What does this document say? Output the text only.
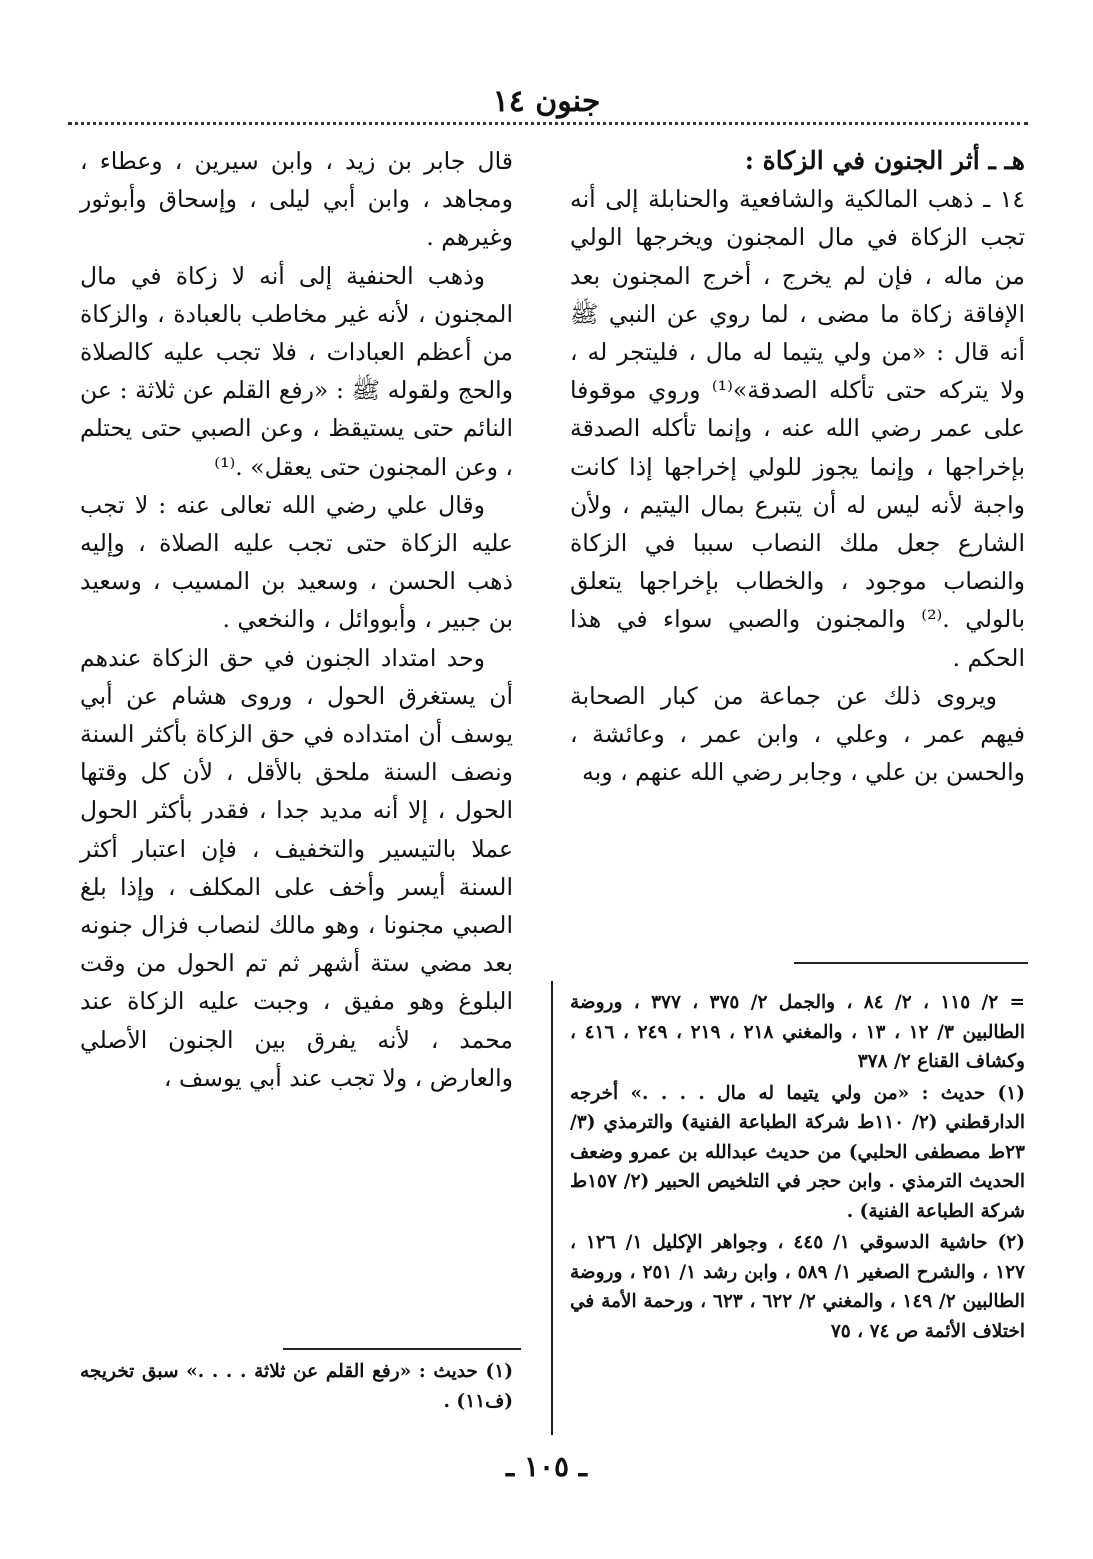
جنون ١٤

هـ ـ أثر الجنون في الزكاة :

١٤ ـ ذهب المالكية والشافعية والحنابلة إلى أنه تجب الزكاة في مال المجنون ويخرجها الولي من ماله ، فإن لم يخرج ، أخرج المجنون بعد الإفاقة زكاة ما مضى ، لما روي عن النبي ﷺ أنه قال : «من ولي يتيما له مال ، فليتجر له ، ولا يتركه حتى تأكله الصدقة»⁽¹⁾ وروي موقوفا على عمر رضي الله عنه ، وإنما تأكله الصدقة بإخراجها ، وإنما يجوز للولي إخراجها إذا كانت واجبة لأنه ليس له أن يتبرع بمال اليتيم ، ولأن الشارع جعل ملك النصاب سببا في الزكاة والنصاب موجود ، والخطاب بإخراجها يتعلق بالولي .⁽²⁾ والمجنون والصبي سواء في هذا الحكم .

ويروى ذلك عن جماعة من كبار الصحابة فيهم عمر ، وعلي ، وابن عمر ، وعائشة ، والحسن بن علي ، وجابر رضي الله عنهم ، وبه

قال جابر بن زيد ، وابن سيرين ، وعطاء ، ومجاهد ، وابن أبي ليلى ، وإسحاق وأبوثور وغيرهم .

وذهب الحنفية إلى أنه لا زكاة في مال المجنون ، لأنه غير مخاطب بالعبادة ، والزكاة من أعظم العبادات ، فلا تجب عليه كالصلاة والحج ولقوله ﷺ : «رفع القلم عن ثلاثة : عن النائم حتى يستيقظ ، وعن الصبي حتى يحتلم ، وعن المجنون حتى يعقل» .⁽¹⁾

وقال علي رضي الله تعالى عنه : لا تجب عليه الزكاة حتى تجب عليه الصلاة ، وإليه ذهب الحسن ، وسعيد بن المسيب ، وسعيد بن جبير ، وأبووائل ، والنخعي .

وحد امتداد الجنون في حق الزكاة عندهم أن يستغرق الحول ، وروى هشام عن أبي يوسف أن امتداده في حق الزكاة بأكثر السنة ونصف السنة ملحق بالأقل ، لأن كل وقتها الحول ، إلا أنه مديد جدا ، فقدر بأكثر الحول عملا بالتيسير والتخفيف ، فإن اعتبار أكثر السنة أيسر وأخف على المكلف ، وإذا بلغ الصبي مجنونا ، وهو مالك لنصاب فزال جنونه بعد مضي ستة أشهر ثم تم الحول من وقت البلوغ وهو مفيق ، وجبت عليه الزكاة عند محمد ، لأنه يفرق بين الجنون الأصلي والعارض ، ولا تجب عند أبي يوسف ،

= ٢/ ١١٥ ، ٢/ ٨٤ ، والجمل ٢/ ٣٧٥ ، ٣٧٧ ، وروضة الطالبين ٣/ ١٢ ، ١٣ ، والمغني ٢١٨ ، ٢١٩ ، ٢٤٩ ، ٤١٦ ، وكشاف القناع ٢/ ٣٧٨

(١) حديث : «من ولي يتيما له مال . . . .» أخرجه الدارقطني (٢/ ١١٠ط شركة الطباعة الفنية) والترمذي (٣/ ٢٣ط مصطفى الحلبي) من حديث عبدالله بن عمرو وضعف الحديث الترمذي . وابن حجر في التلخيص الحبير (٢/ ١٥٧ط شركة الطباعة الفنية) .

(٢) حاشية الدسوقي ١/ ٤٤٥ ، وجواهر الإكليل ١/ ١٢٦ ، ١٢٧ ، والشرح الصغير ١/ ٥٨٩ ، وابن رشد ١/ ٢٥١ ، وروضة الطالبين ٢/ ١٤٩ ، والمغني ٢/ ٦٢٢ ، ٦٢٣ ، ورحمة الأمة في اختلاف الأئمة ص ٧٤ ، ٧٥

(١) حديث : «رفع القلم عن ثلاثة . . . .» سبق تخريجه (ف١١) .

ـ ١٠٥ ـ
